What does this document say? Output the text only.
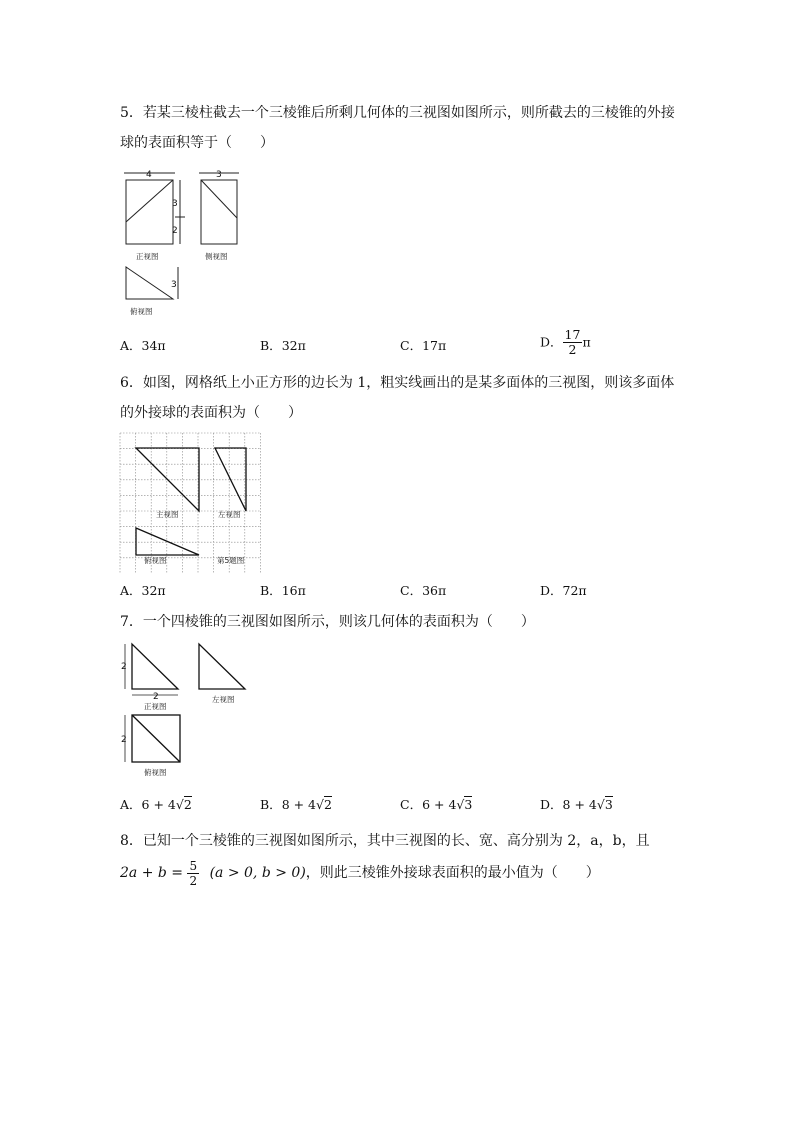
5．若某三棱柱截去一个三棱锥后所剩几何体的三视图如图所示，则所截去的三棱锥的外接
球的表面积等于（　　）
4
3
2
正视图
3
侧视图
3
俯视图
A．34π	B．32π	C．17π	D． $\frac{17}{2}$ π
6．如图，网格纸上小正方形的边长为 1，粗实线画出的是某多面体的三视图，则该多面体
的外接球的表面积为（　　）
主视图	左视图
俯视图	第5题图
A．32π	B．16π	C．36π	D．72π
7．一个四棱锥的三视图如图所示，则该几何体的表面积为（　　）
2
2
正视图
左视图
2
俯视图
A．6 + 4√2	B．8 + 4√2	C．6 + 4√3	D．8 + 4√3
8．已知一个三棱锥的三视图如图所示，其中三视图的长、宽、高分别为 2，a，b，且
$2a + b = \frac{5}{2} (a > 0$, b > 0)，则此三棱锥外接球表面积的最小值为（　　）
